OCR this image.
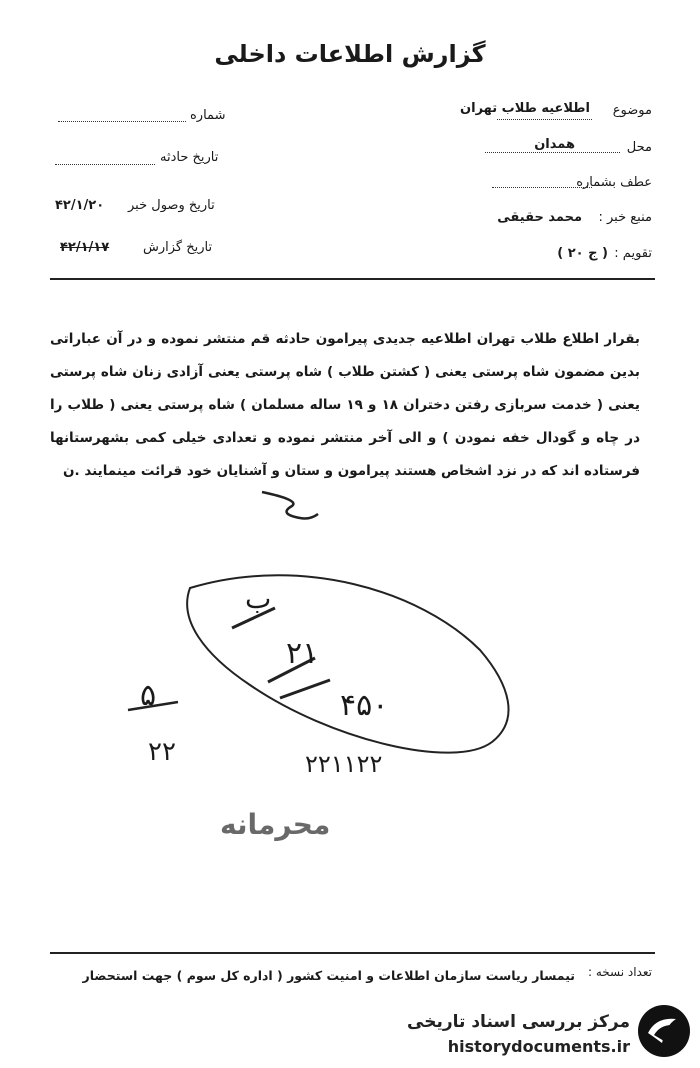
گزارش اطلاعات داخلی
موضوع
اطلاعیه طلاب تهران
محل
همدان
عطف بشماره
منبع خبر :
محمد حقیقی
تقویم :
( ج ۲۰ )
شماره
تاریخ حادثه
تاریخ وصول خبر
۴۲/۱/۲۰
تاریخ گزارش
۴۲/۱/۱۷
بقرار اطلاع طلاب تهران اطلاعیه جدیدی پیرامون حادثه قم منتشر نموده و در آن عباراتی بدین مضمون شاه پرستی یعنی ( کشتن طلاب ) شاه پرستی یعنی آزادی زنان شاه پرستی یعنی ( خدمت سربازی رفتن دختران ۱۸ و ۱۹ ساله مسلمان ) شاه پرستی یعنی ( طلاب را در چاه و گودال خفه نمودن ) و الی آخر منتشر نموده و تعدادی خیلی کمی بشهرستانها فرستاده اند که در نزد اشخاص هستند پیرامون و ستان و آشنایان خود قرائت مینمایند .ن
ب
۲۱
۴۵۰
۵
۲۲	۲۲۱۱۲۲
محرمانه
تعداد نسخه :
تیمسار ریاست سازمان اطلاعات و امنیت کشور ( اداره کل سوم ) جهت استحضار
مرکز بررسی اسناد تاریخی
historydocuments.ir
